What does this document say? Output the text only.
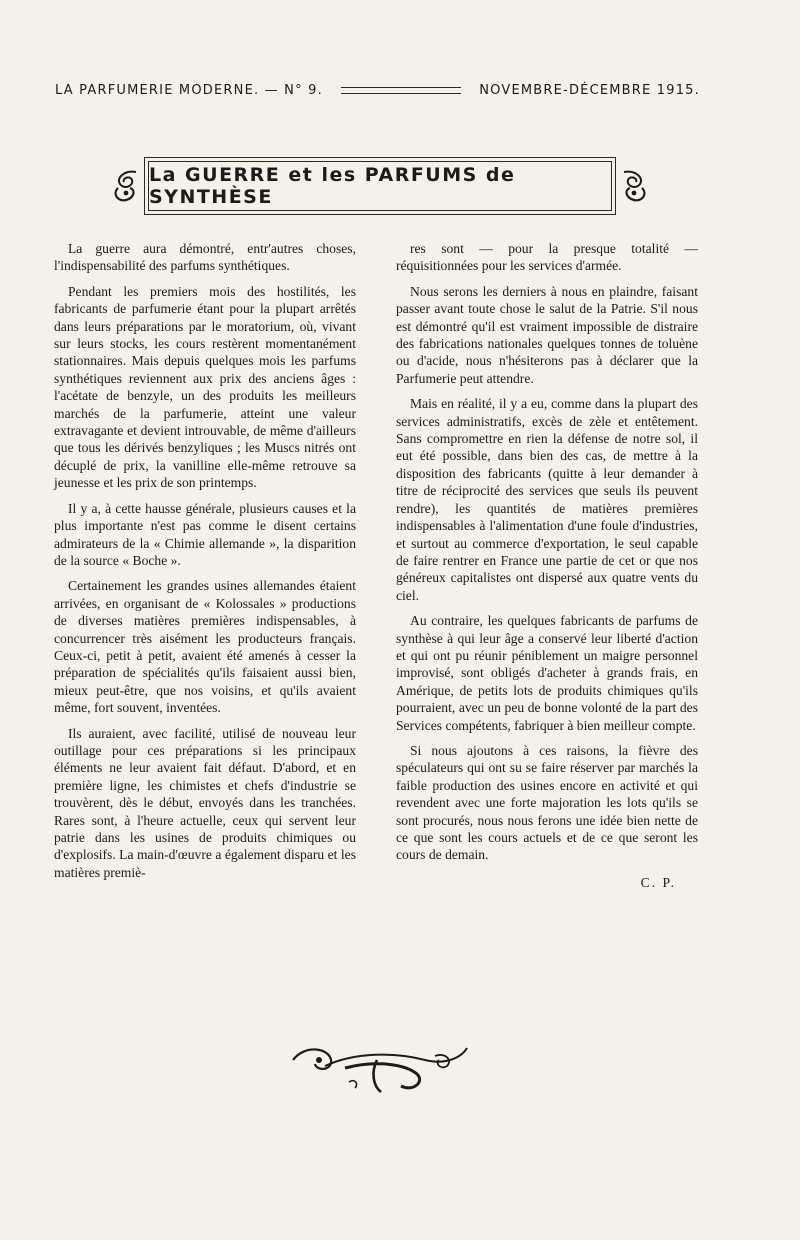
LA PARFUMERIE MODERNE. — N° 9.	NOVEMBRE-DÉCEMBRE 1915.
La GUERRE et les PARFUMS de SYNTHÈSE

La guerre aura démontré, entr'autres choses, l'indispensabilité des parfums synthétiques.

Pendant les premiers mois des hostilités, les fabricants de parfumerie étant pour la plupart arrêtés dans leurs préparations par le moratorium, où, vivant sur leurs stocks, les cours restèrent momentanément stationnaires. Mais depuis quelques mois les parfums synthétiques reviennent aux prix des anciens âges : l'acétate de benzyle, un des produits les meilleurs marchés de la parfumerie, atteint une valeur extravagante et devient introuvable, de même d'ailleurs que tous les dérivés benzyliques ; les Muscs nitrés ont décuplé de prix, la vanilline elle-même retrouve sa jeunesse et les prix de son printemps.

Il y a, à cette hausse générale, plusieurs causes et la plus importante n'est pas comme le disent certains admirateurs de la « Chimie allemande », la disparition de la source « Boche ».

Certainement les grandes usines allemandes étaient arrivées, en organisant de « Kolossales » productions de diverses matières premières indispensables, à concurrencer très aisément les producteurs français. Ceux-ci, petit à petit, avaient été amenés à cesser la préparation de spécialités qu'ils faisaient aussi bien, mieux peut-être, que nos voisins, et qu'ils avaient même, fort souvent, inventées.

Ils auraient, avec facilité, utilisé de nouveau leur outillage pour ces préparations si les principaux éléments ne leur avaient fait défaut. D'abord, et en première ligne, les chimistes et chefs d'industrie se trouvèrent, dès le début, envoyés dans les tranchées. Rares sont, à l'heure actuelle, ceux qui servent leur patrie dans les usines de produits chimiques ou d'explosifs. La main-d'œuvre a également disparu et les matières premiè-

res sont — pour la presque totalité — réquisitionnées pour les services d'armée.

Nous serons les derniers à nous en plaindre, faisant passer avant toute chose le salut de la Patrie. S'il nous est démontré qu'il est vraiment impossible de distraire des fabrications nationales quelques tonnes de toluène ou d'acide, nous n'hésiterons pas à déclarer que la Parfumerie peut attendre.

Mais en réalité, il y a eu, comme dans la plupart des services administratifs, excès de zèle et entêtement. Sans compromettre en rien la défense de notre sol, il eut été possible, dans bien des cas, de mettre à la disposition des fabricants (quitte à leur demander à titre de réciprocité des services que seuls ils peuvent rendre), les quantités de matières premières indispensables à l'alimentation d'une foule d'industries, et surtout au commerce d'exportation, le seul capable de faire rentrer en France une partie de cet or que nos généreux capitalistes ont dispersé aux quatre vents du ciel.

Au contraire, les quelques fabricants de parfums de synthèse à qui leur âge a conservé leur liberté d'action et qui ont pu réunir péniblement un maigre personnel improvisé, sont obligés d'acheter à grands frais, en Amérique, de petits lots de produits chimiques qu'ils pourraient, avec un peu de bonne volonté de la part des Services compétents, fabriquer à bien meilleur compte.

Si nous ajoutons à ces raisons, la fièvre des spéculateurs qui ont su se faire réserver par marchés la faible production des usines encore en activité et qui revendent avec une forte majoration les lots qu'ils se sont procurés, nous nous ferons une idée bien nette de ce que sont les cours actuels et de ce que seront les cours de demain.

C. P.
